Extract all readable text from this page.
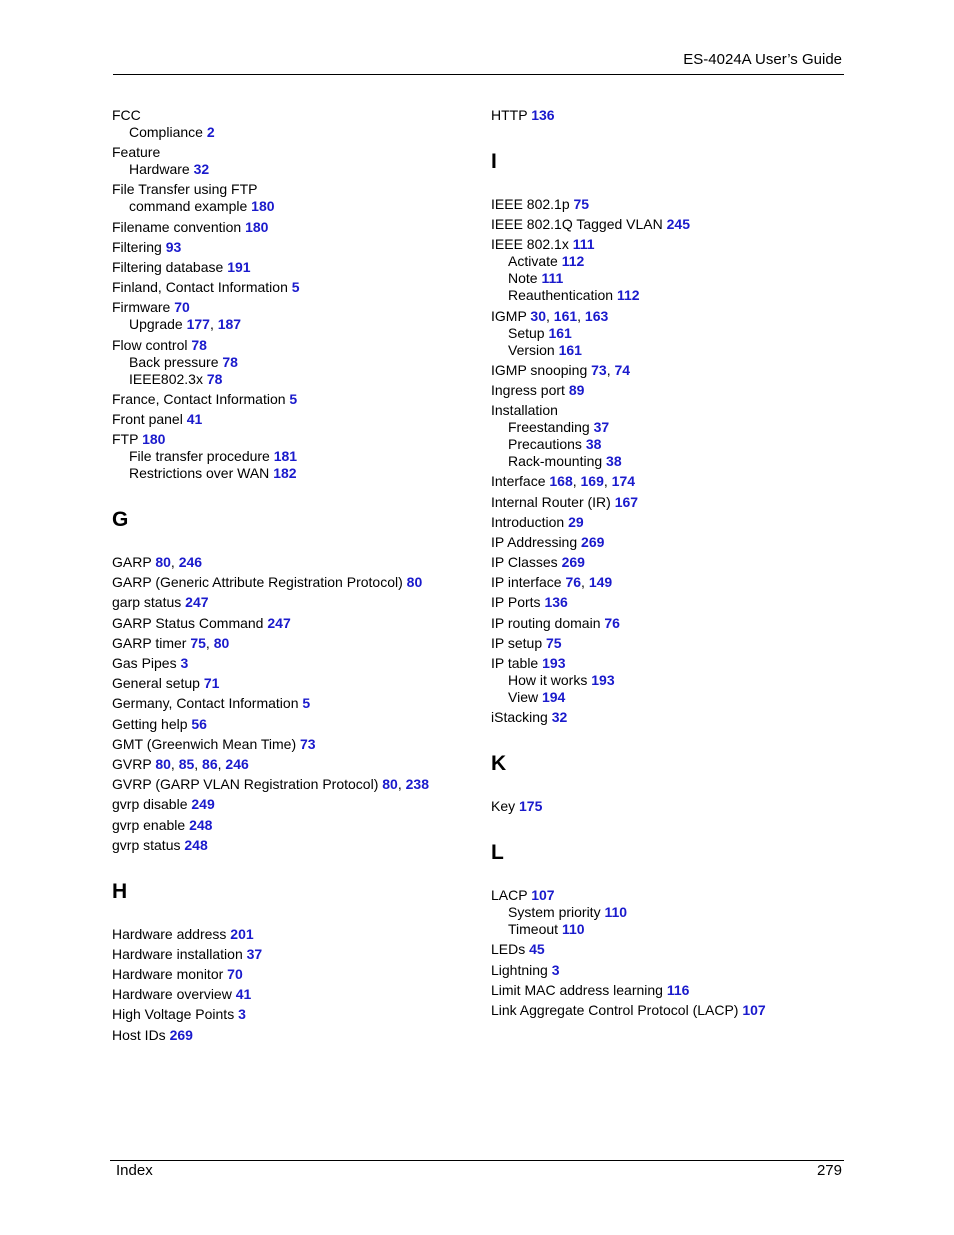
ES-4024A User’s Guide
FCC
Compliance 2
Feature
Hardware 32
File Transfer using FTP
command example 180
Filename convention 180
Filtering 93
Filtering database 191
Finland, Contact Information 5
Firmware 70
Upgrade 177, 187
Flow control 78
Back pressure 78
IEEE802.3x 78
France, Contact Information 5
Front panel 41
FTP 180
File transfer procedure 181
Restrictions over WAN 182
G
GARP 80, 246
GARP (Generic Attribute Registration Protocol) 80
garp status 247
GARP Status Command 247
GARP timer 75, 80
Gas Pipes 3
General setup 71
Germany, Contact Information 5
Getting help 56
GMT (Greenwich Mean Time) 73
GVRP 80, 85, 86, 246
GVRP (GARP VLAN Registration Protocol) 80, 238
gvrp disable 249
gvrp enable 248
gvrp status 248
H
Hardware address 201
Hardware installation 37
Hardware monitor 70
Hardware overview 41
High Voltage Points 3
Host IDs 269
HTTP 136
I
IEEE 802.1p 75
IEEE 802.1Q Tagged VLAN 245
IEEE 802.1x 111
Activate 112
Note 111
Reauthentication 112
IGMP 30, 161, 163
Setup 161
Version 161
IGMP snooping 73, 74
Ingress port 89
Installation
Freestanding 37
Precautions 38
Rack-mounting 38
Interface 168, 169, 174
Internal Router (IR) 167
Introduction 29
IP Addressing 269
IP Classes 269
IP interface 76, 149
IP Ports 136
IP routing domain 76
IP setup 75
IP table 193
How it works 193
View 194
iStacking 32
K
Key 175
L
LACP 107
System priority 110
Timeout 110
LEDs 45
Lightning 3
Limit MAC address learning 116
Link Aggregate Control Protocol (LACP) 107
Index	279
